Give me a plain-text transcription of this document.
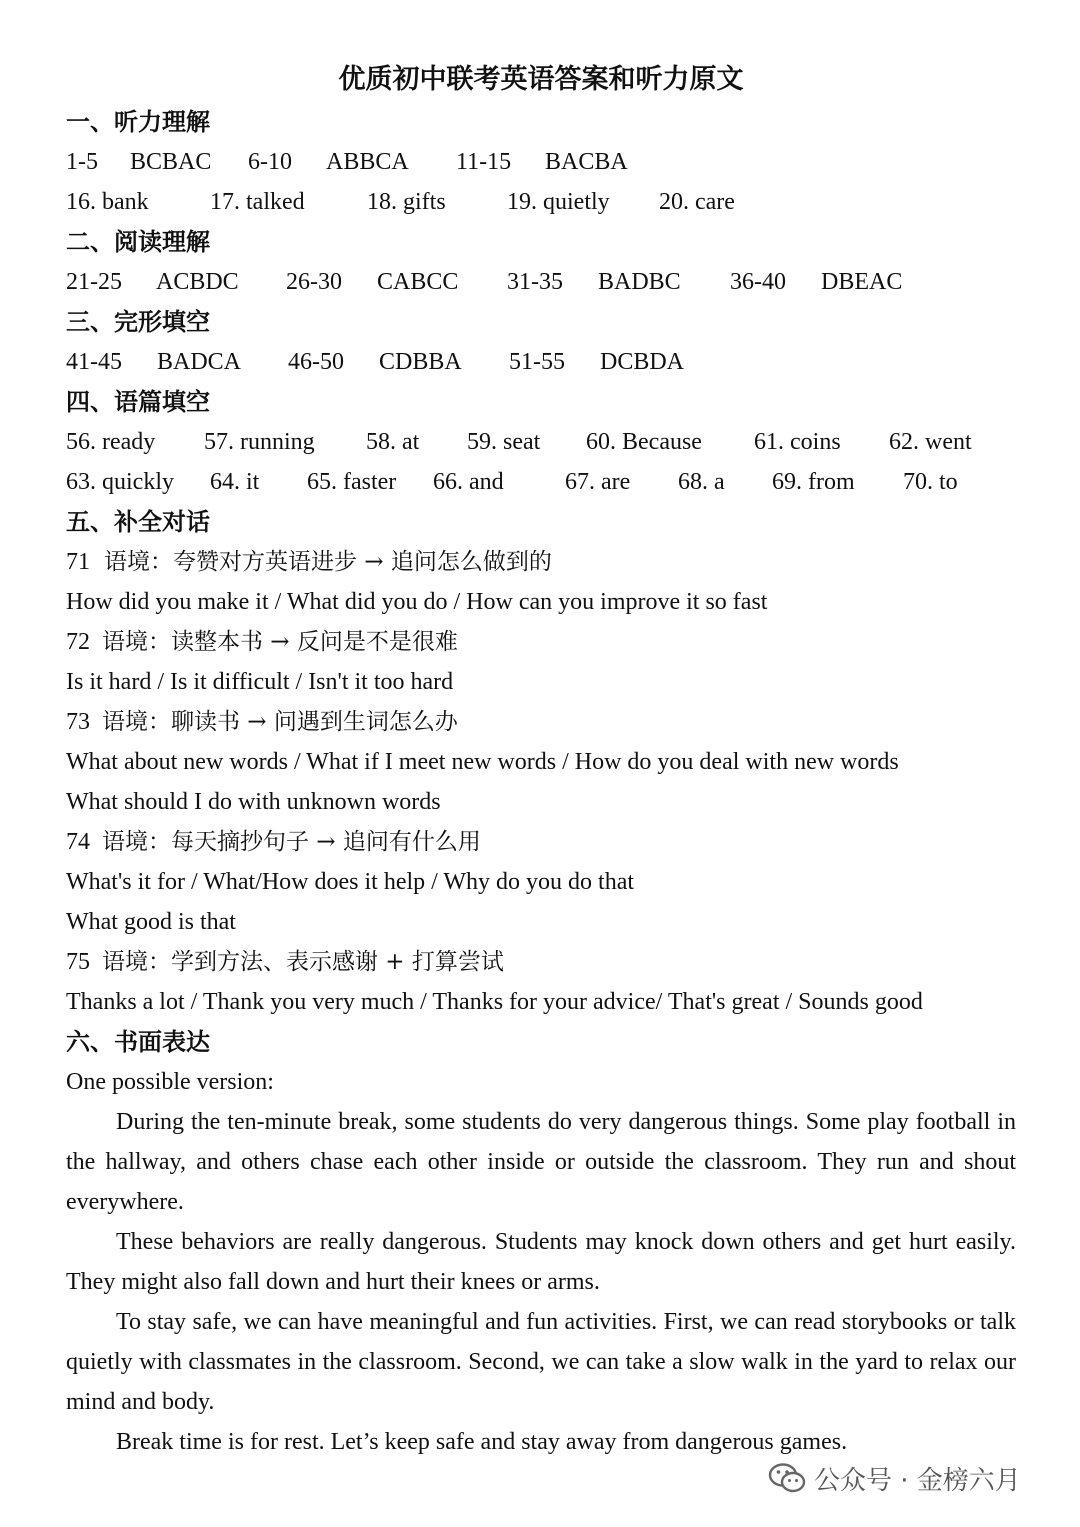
优质初中联考英语答案和听力原文
一、听力理解
1-5 BCBAC 6-10 ABBCA 11-15 BACBA
16. bank	17. talked	18. gifts	19. quietly 20. care
二、阅读理解
21-25 ACBDC 26-30 CABCC 31-35 BADBC 36-40 DBEAC
三、完形填空
41-45 BADCA 46-50 CDBBA 51-55 DCBDA
四、语篇填空
56. ready 57. running 58. at 59. seat 60. Because 61. coins 62. went
63. quickly 64. it 65. faster 66. and	67. are 68. a 69. from 70. to
五、补全对话
71 语境：夸赞对方英语进步 → 追问怎么做到的
How did you make it / What did you do / How can you improve it so fast
72 语境：读整本书 → 反问是不是很难
Is it hard / Is it difficult / Isn't it too hard
73 语境：聊读书 → 问遇到生词怎么办
What about new words / What if I meet new words / How do you deal with new words
What should I do with unknown words
74 语境：每天摘抄句子 → 追问有什么用
What's it for / What/How does it help / Why do you do that
What good is that
75 语境：学到方法、表示感谢 + 打算尝试
Thanks a lot / Thank you very much / Thanks for your advice/ That's great / Sounds good
六、书面表达
One possible version:
During the ten-minute break, some students do very dangerous things. Some play football in the hallway, and others chase each other inside or outside the classroom. They run and shout everywhere.
These behaviors are really dangerous. Students may knock down others and get hurt easily. They might also fall down and hurt their knees or arms.
To stay safe, we can have meaningful and fun activities. First, we can read storybooks or talk quietly with classmates in the classroom. Second, we can take a slow walk in the yard to relax our mind and body.
Break time is for rest. Let’s keep safe and stay away from dangerous games.
公众号 · 金榜六月
